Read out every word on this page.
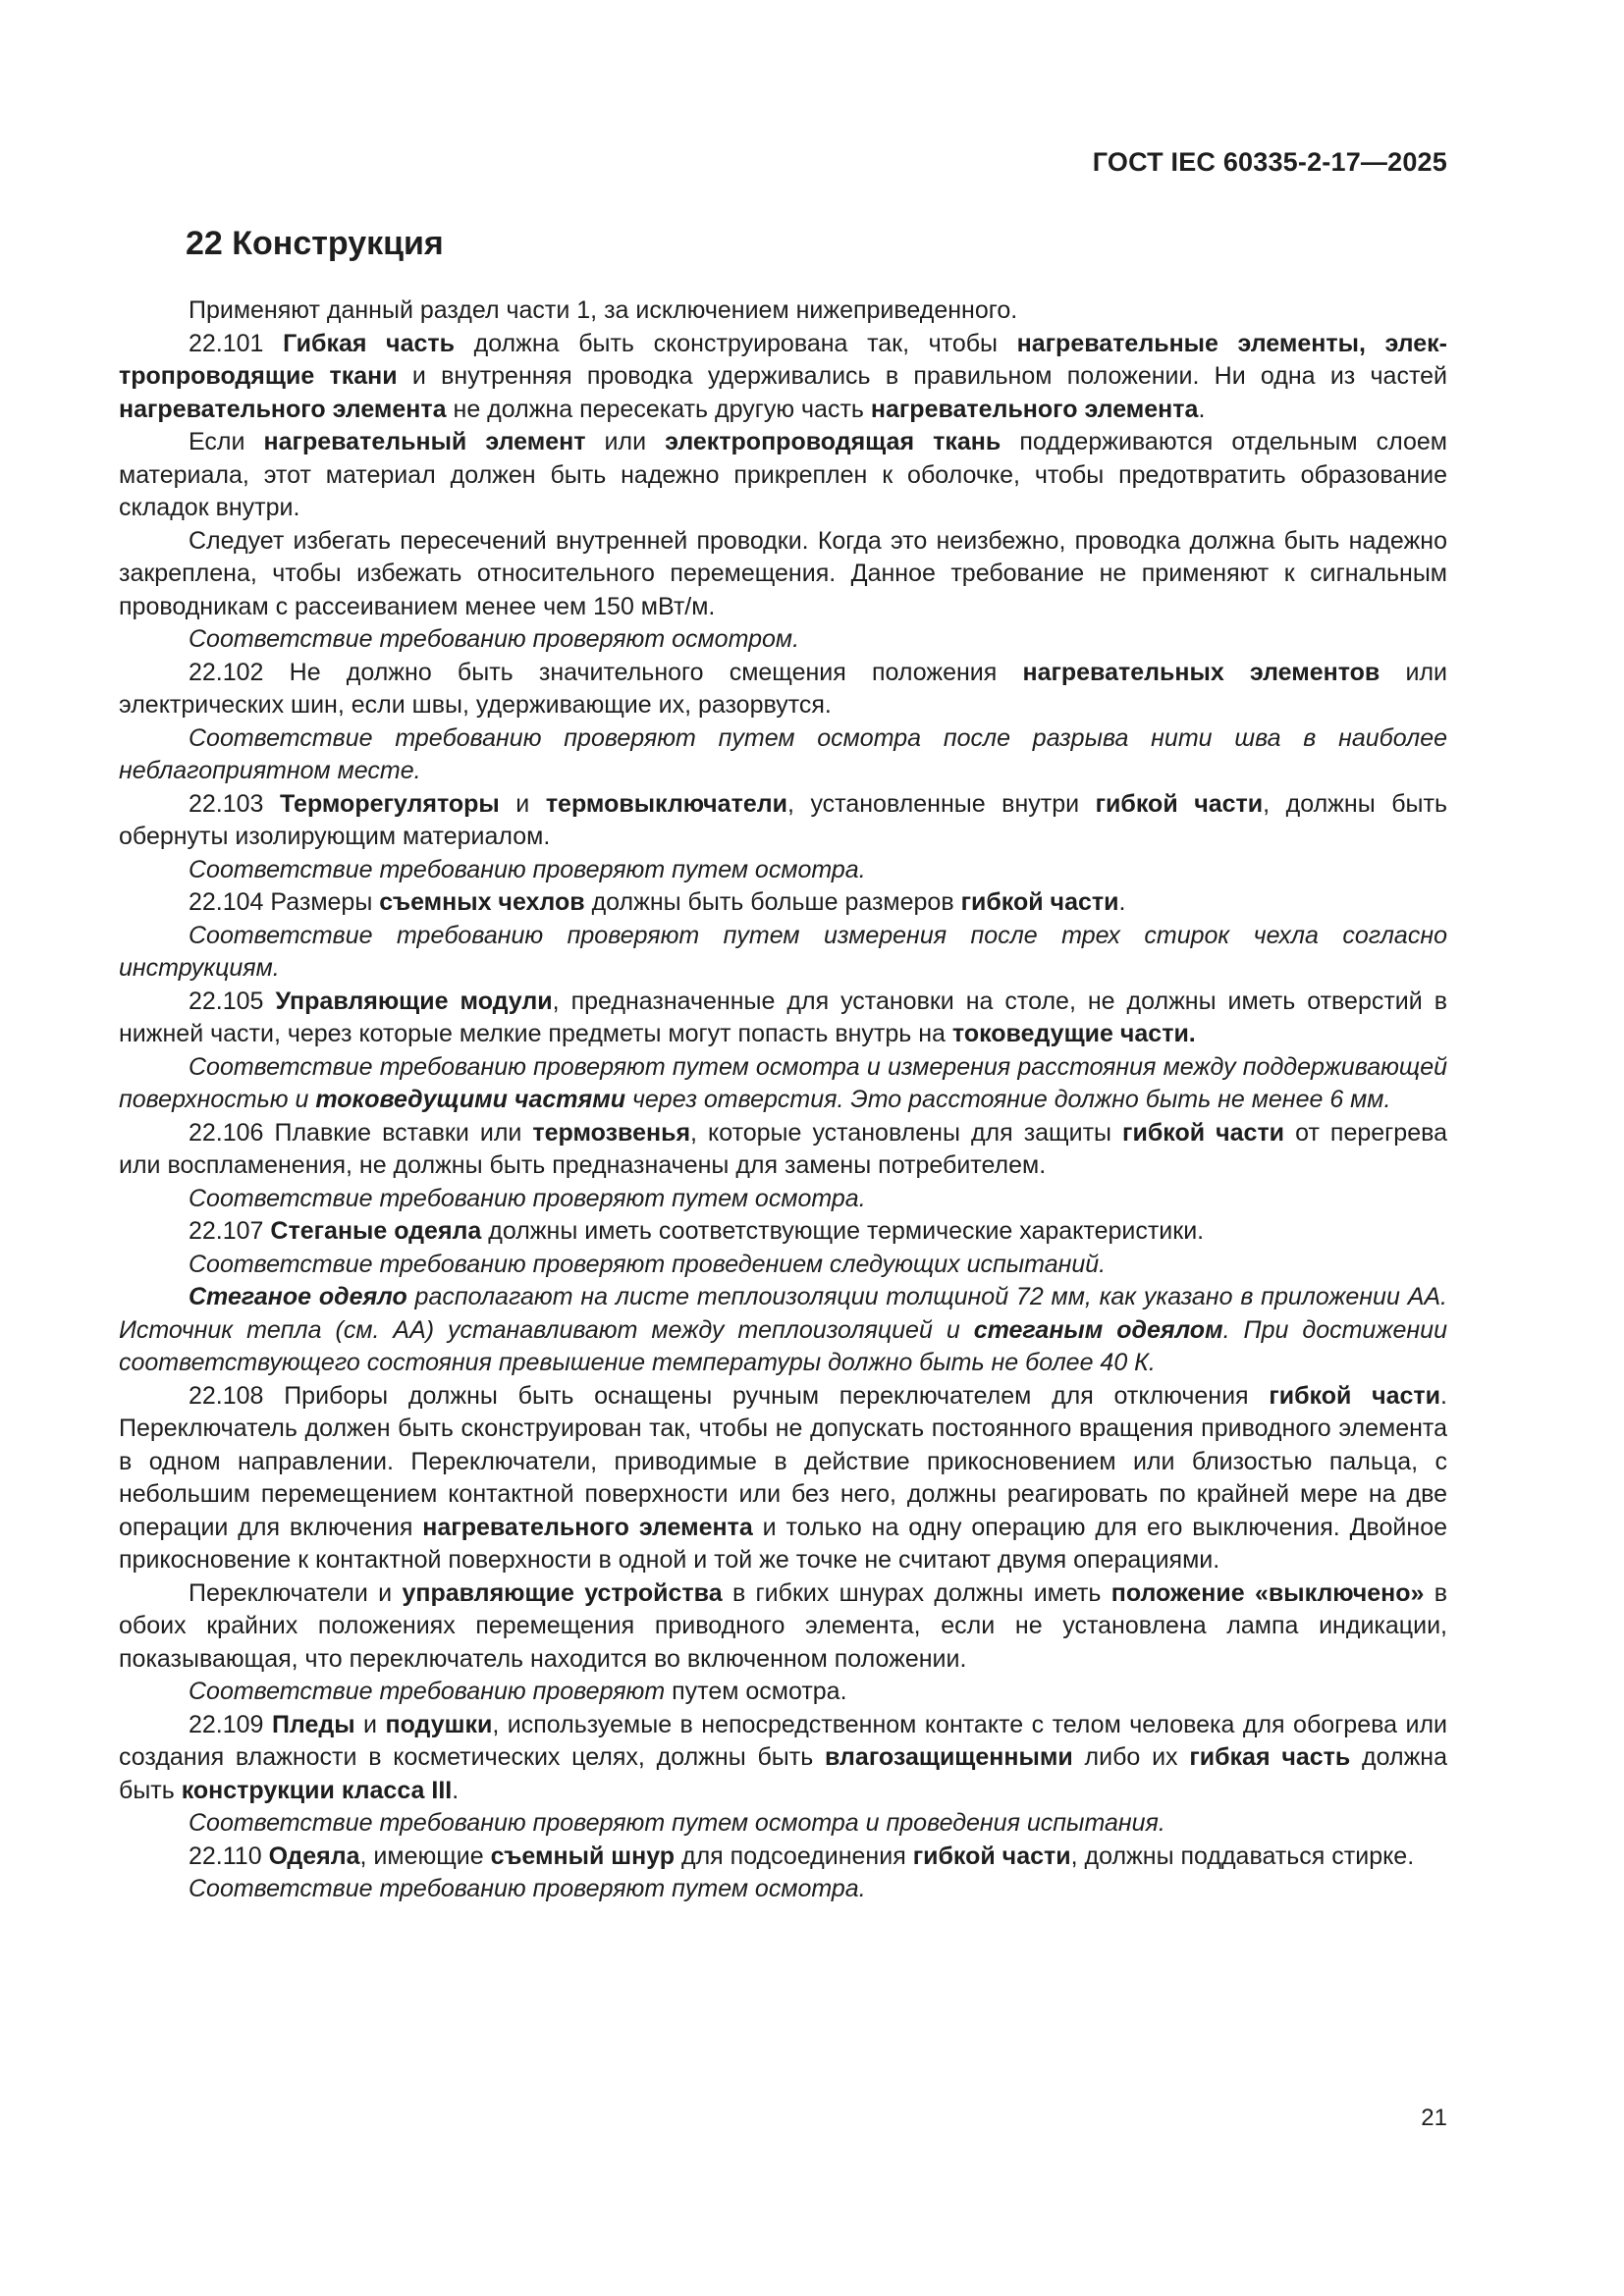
ГОСТ IEC 60335-2-17—2025
22 Конструкция

Применяют данный раздел части 1, за исключением нижеприведенного.

22.101 Гибкая часть должна быть сконструирована так, чтобы нагревательные элементы, электропроводящие ткани и внутренняя проводка удерживались в правильном положении. Ни одна из частей нагревательного элемента не должна пересекать другую часть нагревательного элемента.

Если нагревательный элемент или электропроводящая ткань поддерживаются отдельным слоем материала, этот материал должен быть надежно прикреплен к оболочке, чтобы предотвратить образование складок внутри.

Следует избегать пересечений внутренней проводки. Когда это неизбежно, проводка должна быть надежно закреплена, чтобы избежать относительного перемещения. Данное требование не применяют к сигнальным проводникам с рассеиванием менее чем 150 мВт/м.

Соответствие требованию проверяют осмотром.

22.102 Не должно быть значительного смещения положения нагревательных элементов или электрических шин, если швы, удерживающие их, разорвутся.

Соответствие требованию проверяют путем осмотра после разрыва нити шва в наиболее неблагоприятном месте.

22.103 Терморегуляторы и термовыключатели, установленные внутри гибкой части, должны быть обернуты изолирующим материалом.

Соответствие требованию проверяют путем осмотра.

22.104 Размеры съемных чехлов должны быть больше размеров гибкой части.

Соответствие требованию проверяют путем измерения после трех стирок чехла согласно инструкциям.

22.105 Управляющие модули, предназначенные для установки на столе, не должны иметь отверстий в нижней части, через которые мелкие предметы могут попасть внутрь на токоведущие части.

Соответствие требованию проверяют путем осмотра и измерения расстояния между поддерживающей поверхностью и токоведущими частями через отверстия. Это расстояние должно быть не менее 6 мм.

22.106 Плавкие вставки или термозвенья, которые установлены для защиты гибкой части от перегрева или воспламенения, не должны быть предназначены для замены потребителем.

Соответствие требованию проверяют путем осмотра.

22.107 Стеганые одеяла должны иметь соответствующие термические характеристики.

Соответствие требованию проверяют проведением следующих испытаний.

Стеганое одеяло располагают на листе теплоизоляции толщиной 72 мм, как указано в приложении АА. Источник тепла (см. АА) устанавливают между теплоизоляцией и стеганым одеялом. При достижении соответствующего состояния превышение температуры должно быть не более 40 К.

22.108 Приборы должны быть оснащены ручным переключателем для отключения гибкой части. Переключатель должен быть сконструирован так, чтобы не допускать постоянного вращения приводного элемента в одном направлении. Переключатели, приводимые в действие прикосновением или близостью пальца, с небольшим перемещением контактной поверхности или без него, должны реагировать по крайней мере на две операции для включения нагревательного элемента и только на одну операцию для его выключения. Двойное прикосновение к контактной поверхности в одной и той же точке не считают двумя операциями.

Переключатели и управляющие устройства в гибких шнурах должны иметь положение «выключено» в обоих крайних положениях перемещения приводного элемента, если не установлена лампа индикации, показывающая, что переключатель находится во включенном положении.

Соответствие требованию проверяют путем осмотра.

22.109 Пледы и подушки, используемые в непосредственном контакте с телом человека для обогрева или создания влажности в косметических целях, должны быть влагозащищенными либо их гибкая часть должна быть конструкции класса III.

Соответствие требованию проверяют путем осмотра и проведения испытания.

22.110 Одеяла, имеющие съемный шнур для подсоединения гибкой части, должны поддаваться стирке.

Соответствие требованию проверяют путем осмотра.

21
